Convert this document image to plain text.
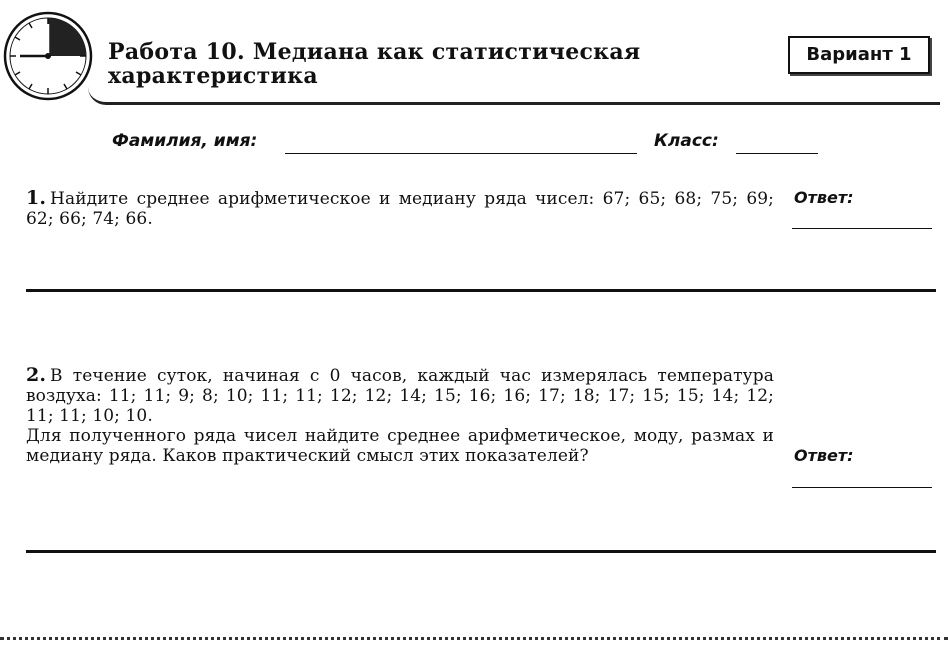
Работа 10. Медиана как статистическая характеристика
Вариант 1
Фамилия, имя:	Класс:
1. Найдите среднее арифметическое и медиану ряда чисел: 67; 65; 68; 75; 69; 62; 66; 74; 66.
Ответ:
2. В течение суток, начиная с 0 часов, каждый час измерялась температура воздуха: 11; 11; 9; 8; 10; 11; 11; 12; 12; 14; 15; 16; 16; 17; 18; 17; 15; 15; 14; 12; 11; 11; 10; 10.
Для полученного ряда чисел найдите среднее арифметическое, моду, размах и медиану ряда. Каков практический смысл этих показателей?	Ответ:
